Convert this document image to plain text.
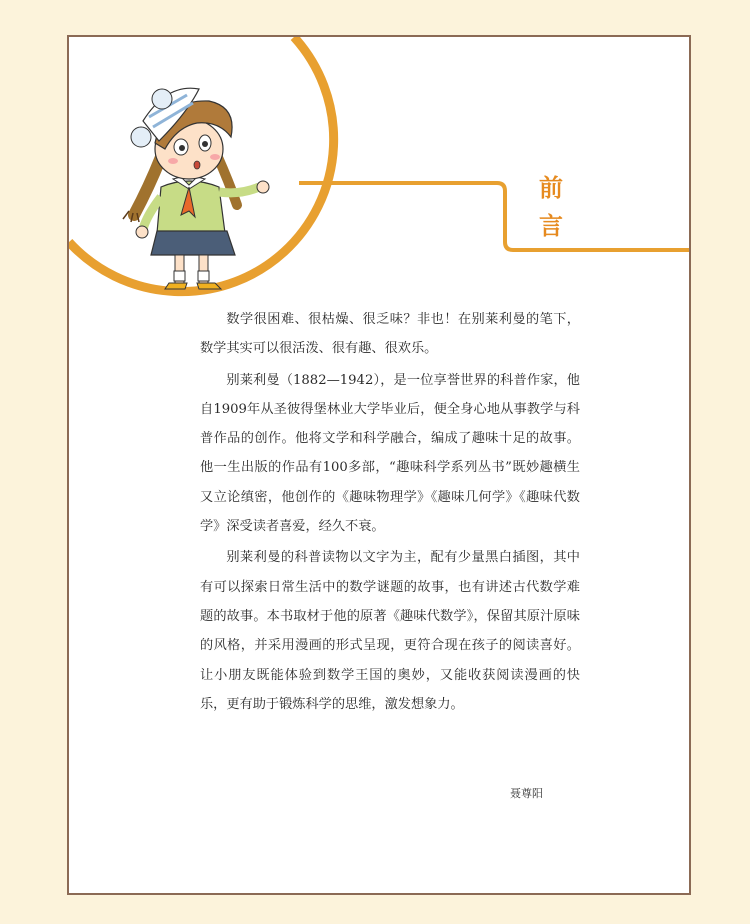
前
言

数学很困难、很枯燥、很乏味？非也！在别莱利曼的笔下，数学其实可以很活泼、很有趣、很欢乐。

别莱利曼（1882—1942），是一位享誉世界的科普作家，他自1909年从圣彼得堡林业大学毕业后，便全身心地从事教学与科普作品的创作。他将文学和科学融合，编成了趣味十足的故事。他一生出版的作品有100多部，“趣味科学系列丛书”既妙趣横生又立论缜密，他创作的《趣味物理学》《趣味几何学》《趣味代数学》深受读者喜爱，经久不衰。

别莱利曼的科普读物以文字为主，配有少量黑白插图，其中有可以探索日常生活中的数学谜题的故事，也有讲述古代数学难题的故事。本书取材于他的原著《趣味代数学》，保留其原汁原味的风格，并采用漫画的形式呈现，更符合现在孩子的阅读喜好。让小朋友既能体验到数学王国的奥妙，又能收获阅读漫画的快乐，更有助于锻炼科学的思维，激发想象力。

聂尊阳
